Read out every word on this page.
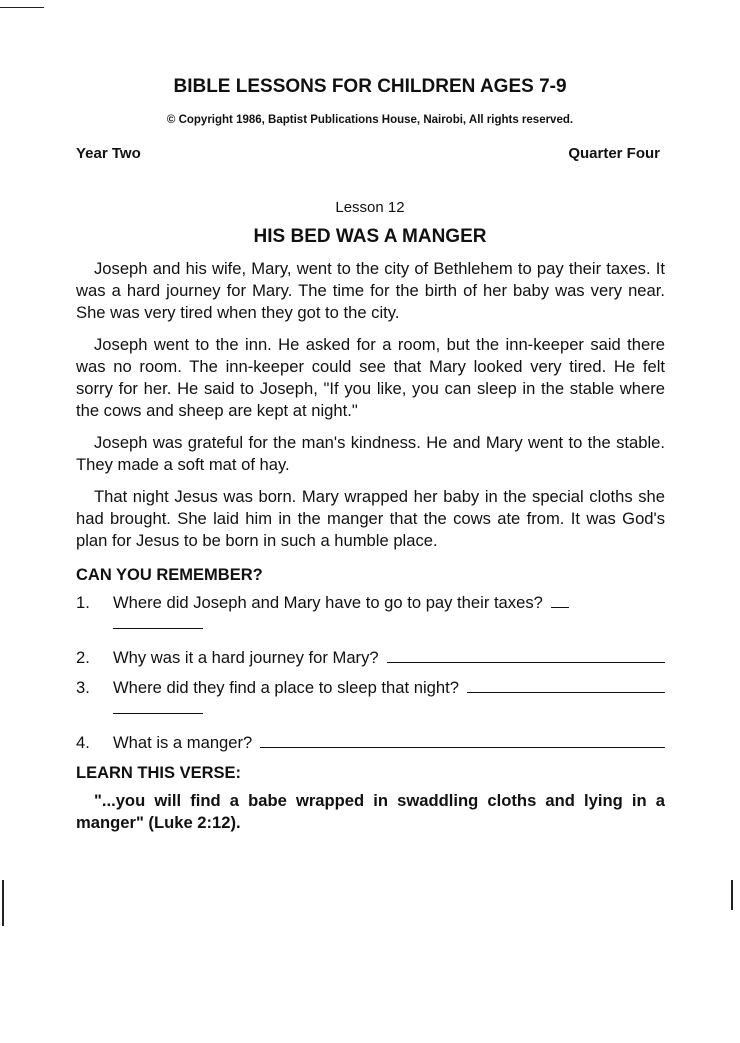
BIBLE LESSONS FOR CHILDREN AGES 7-9
© Copyright 1986, Baptist Publications House, Nairobi, All rights reserved.
Year Two	Quarter Four
Lesson 12
HIS BED WAS A MANGER

Joseph and his wife, Mary, went to the city of Bethlehem to pay their taxes. It was a hard journey for Mary. The time for the birth of her baby was very near. She was very tired when they got to the city.

Joseph went to the inn. He asked for a room, but the inn-keeper said there was no room. The inn-keeper could see that Mary looked very tired. He felt sorry for her. He said to Joseph, "If you like, you can sleep in the stable where the cows and sheep are kept at night."

Joseph was grateful for the man's kindness. He and Mary went to the stable. They made a soft mat of hay.

That night Jesus was born. Mary wrapped her baby in the special cloths she had brought. She laid him in the manger that the cows ate from. It was God's plan for Jesus to be born in such a humble place.

CAN YOU REMEMBER?
1.	Where did Joseph and Mary have to go to pay their taxes?
2.	Why was it a hard journey for Mary?
3.	Where did they find a place to sleep that night?
4.	What is a manger?
LEARN THIS VERSE:

"...you will find a babe wrapped in swaddling cloths and lying in a manger" (Luke 2:12).
